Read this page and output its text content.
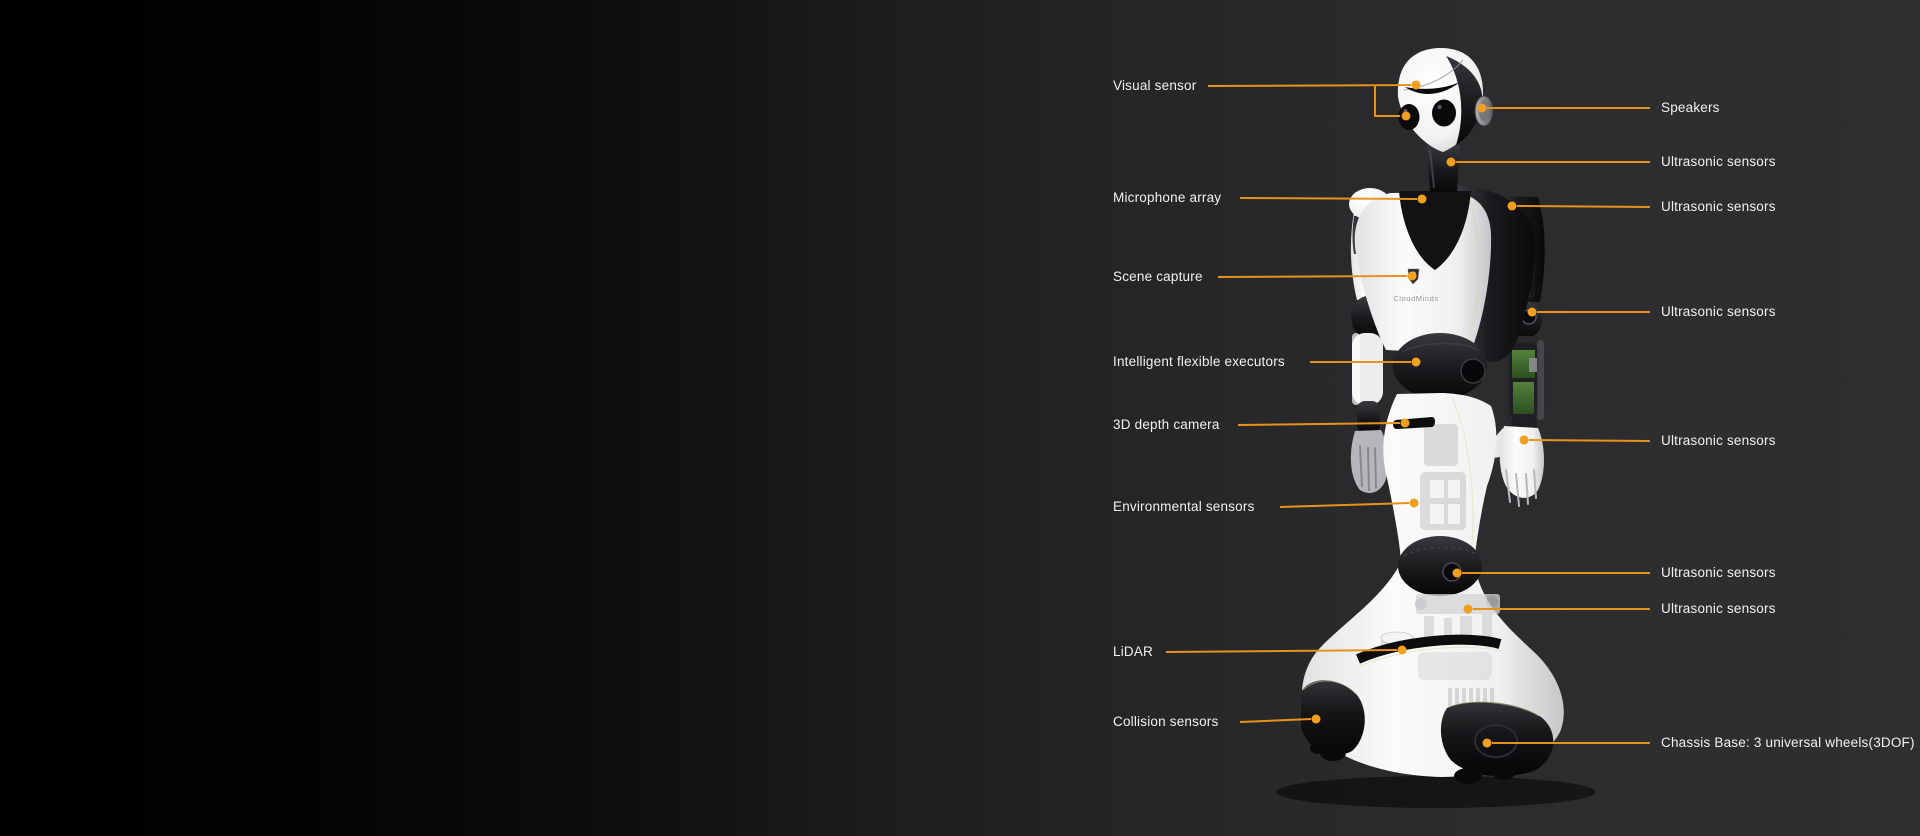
CloudMinds
Visual sensor
Microphone array
Scene capture
Intelligent flexible executors
3D depth camera
Environmental sensors
LiDAR
Collision sensors
Speakers
Ultrasonic sensors
Ultrasonic sensors
Ultrasonic sensors
Ultrasonic sensors
Ultrasonic sensors
Ultrasonic sensors
Chassis Base: 3 universal wheels(3DOF)
